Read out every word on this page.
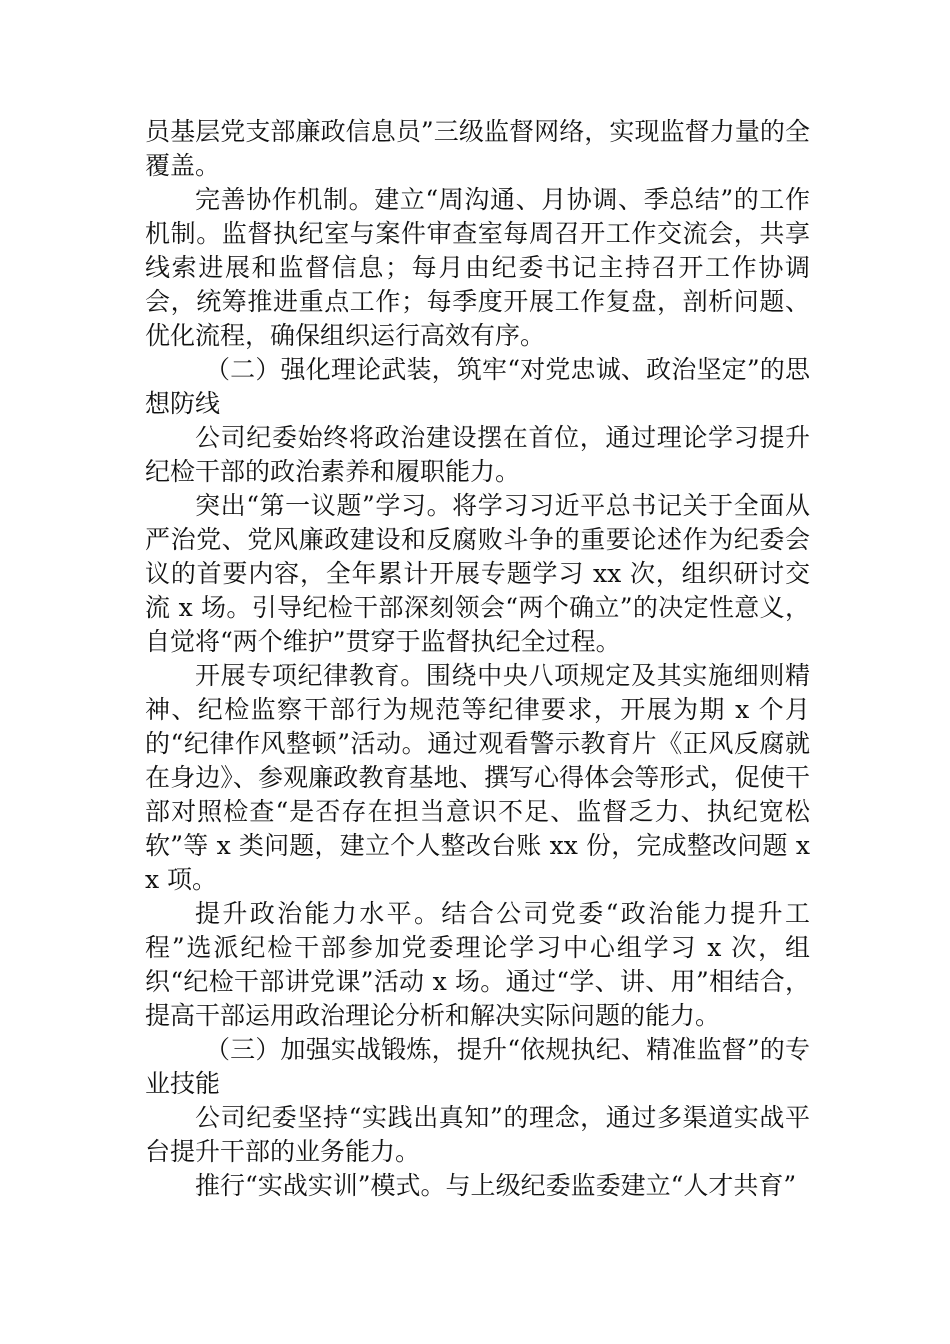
员基层党支部廉政信息员”三级监督网络，实现监督力量的全覆盖。

完善协作机制。建立“周沟通、月协调、季总结”的工作机制。监督执纪室与案件审查室每周召开工作交流会，共享线索进展和监督信息；每月由纪委书记主持召开工作协调会，统筹推进重点工作；每季度开展工作复盘，剖析问题、优化流程，确保组织运行高效有序。

（二）强化理论武装，筑牢“对党忠诚、政治坚定”的思想防线

公司纪委始终将政治建设摆在首位，通过理论学习提升纪检干部的政治素养和履职能力。

突出“第一议题”学习。将学习习近平总书记关于全面从严治党、党风廉政建设和反腐败斗争的重要论述作为纪委会议的首要内容，全年累计开展专题学习 xx 次，组织研讨交流 x 场。引导纪检干部深刻领会“两个确立”的决定性意义，自觉将“两个维护”贯穿于监督执纪全过程。

开展专项纪律教育。围绕中央八项规定及其实施细则精神、纪检监察干部行为规范等纪律要求，开展为期 x 个月的“纪律作风整顿”活动。通过观看警示教育片《正风反腐就在身边》、参观廉政教育基地、撰写心得体会等形式，促使干部对照检查“是否存在担当意识不足、监督乏力、执纪宽松软”等 x 类问题，建立个人整改台账 xx 份，完成整改问题 xx 项。

提升政治能力水平。结合公司党委“政治能力提升工程”选派纪检干部参加党委理论学习中心组学习 x 次，组织“纪检干部讲党课”活动 x 场。通过“学、讲、用”相结合，提高干部运用政治理论分析和解决实际问题的能力。

（三）加强实战锻炼，提升“依规执纪、精准监督”的专业技能

公司纪委坚持“实践出真知”的理念，通过多渠道实战平台提升干部的业务能力。

推行“实战实训”模式。与上级纪委监委建立“人才共育”
